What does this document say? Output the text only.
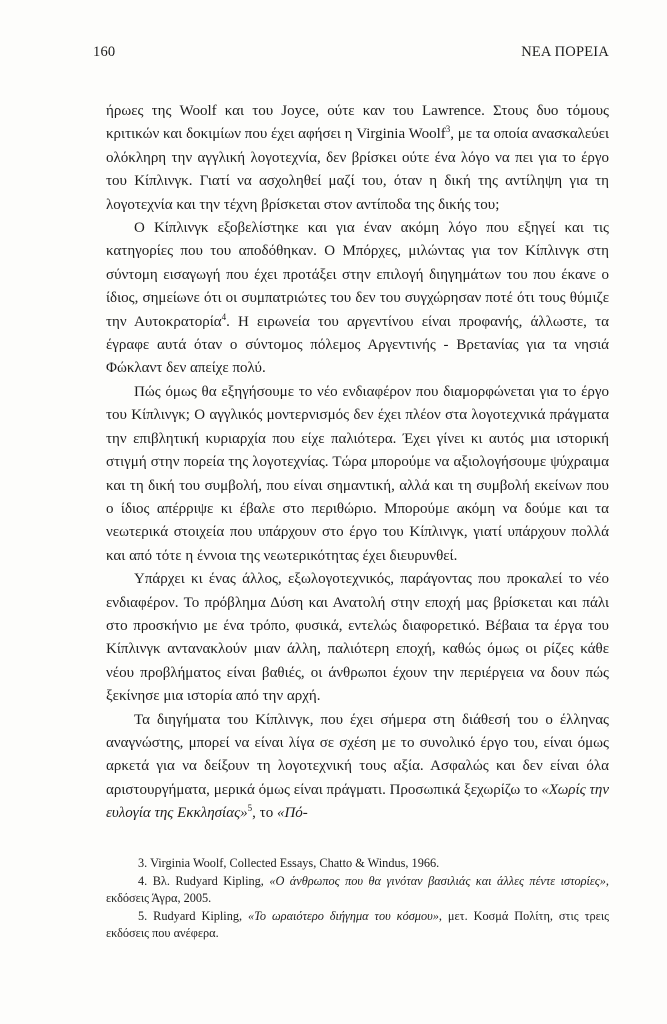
160	ΝΕΑ ΠΟΡΕΙΑ

ήρωες της Woolf και του Joyce, ούτε καν του Lawrence. Στους δυο τόμους κριτικών και δοκιμίων που έχει αφήσει η Virginia Woolf$^3$, με τα οποία ανασκαλεύει ολόκληρη την αγγλική λογοτεχνία, δεν βρίσκει ούτε ένα λόγο να πει για το έργο του Κίπλινγκ. Γιατί να ασχοληθεί μαζί του, όταν η δική της αντίληψη για τη λογοτεχνία και την τέχνη βρίσκεται στον αντίποδα της δικής του;

Ο Κίπλινγκ εξοβελίστηκε και για έναν ακόμη λόγο που εξηγεί και τις κατηγορίες που του αποδόθηκαν. Ο Μπόρχες, μιλώντας για τον Κίπλινγκ στη σύντομη εισαγωγή που έχει προτάξει στην επιλογή διηγημάτων του που έκανε ο ίδιος, σημείωνε ότι οι συμπατριώτες του δεν του συγχώρησαν ποτέ ότι τους θύμιζε την Αυτοκρατορία$^4$. Η ειρωνεία του αργεντίνου είναι προφανής, άλλωστε, τα έγραφε αυτά όταν ο σύντομος πόλεμος Αργεντινής - Βρετανίας για τα νησιά Φώκλαντ δεν απείχε πολύ.

Πώς όμως θα εξηγήσουμε το νέο ενδιαφέρον που διαμορφώνεται για το έργο του Κίπλινγκ; Ο αγγλικός μοντερνισμός δεν έχει πλέον στα λογοτεχνικά πράγματα την επιβλητική κυριαρχία που είχε παλιότερα. Έχει γίνει κι αυτός μια ιστορική στιγμή στην πορεία της λογοτεχνίας. Τώρα μπορούμε να αξιολογήσουμε ψύχραιμα και τη δική του συμβολή, που είναι σημαντική, αλλά και τη συμβολή εκείνων που ο ίδιος απέρριψε κι έβαλε στο περιθώριο. Μπορούμε ακόμη να δούμε και τα νεωτερικά στοιχεία που υπάρχουν στο έργο του Κίπλινγκ, γιατί υπάρχουν πολλά και από τότε η έννοια της νεωτερικότητας έχει διευρυνθεί.

Υπάρχει κι ένας άλλος, εξωλογοτεχνικός, παράγοντας που προκαλεί το νέο ενδιαφέρον. Το πρόβλημα Δύση και Ανατολή στην εποχή μας βρίσκεται και πάλι στο προσκήνιο με ένα τρόπο, φυσικά, εντελώς διαφορετικό. Βέβαια τα έργα του Κίπλινγκ αντανακλούν μιαν άλλη, παλιότερη εποχή, καθώς όμως οι ρίζες κάθε νέου προβλήματος είναι βαθιές, οι άνθρωποι έχουν την περιέργεια να δουν πώς ξεκίνησε μια ιστορία από την αρχή.

Τα διηγήματα του Κίπλινγκ, που έχει σήμερα στη διάθεσή του ο έλληνας αναγνώστης, μπορεί να είναι λίγα σε σχέση με το συνολικό έργο του, είναι όμως αρκετά για να δείξουν τη λογοτεχνική τους αξία. Ασφαλώς και δεν είναι όλα αριστουργήματα, μερικά όμως είναι πράγματι. Προσωπικά ξεχωρίζω το «Χωρίς την ευλογία της Εκκλησίας»$^5$, το «Πό-

3. Virginia Woolf, Collected Essays, Chatto & Windus, 1966.

4. Βλ. Rudyard Kipling, «Ο άνθρωπος που θα γινόταν βασιλιάς και άλλες πέντε ιστορίες», εκδόσεις Άγρα, 2005.

5. Rudyard Kipling, «Το ωραιότερο διήγημα του κόσμου», μετ. Κοσμά Πολίτη, στις τρεις εκδόσεις που ανέφερα.
